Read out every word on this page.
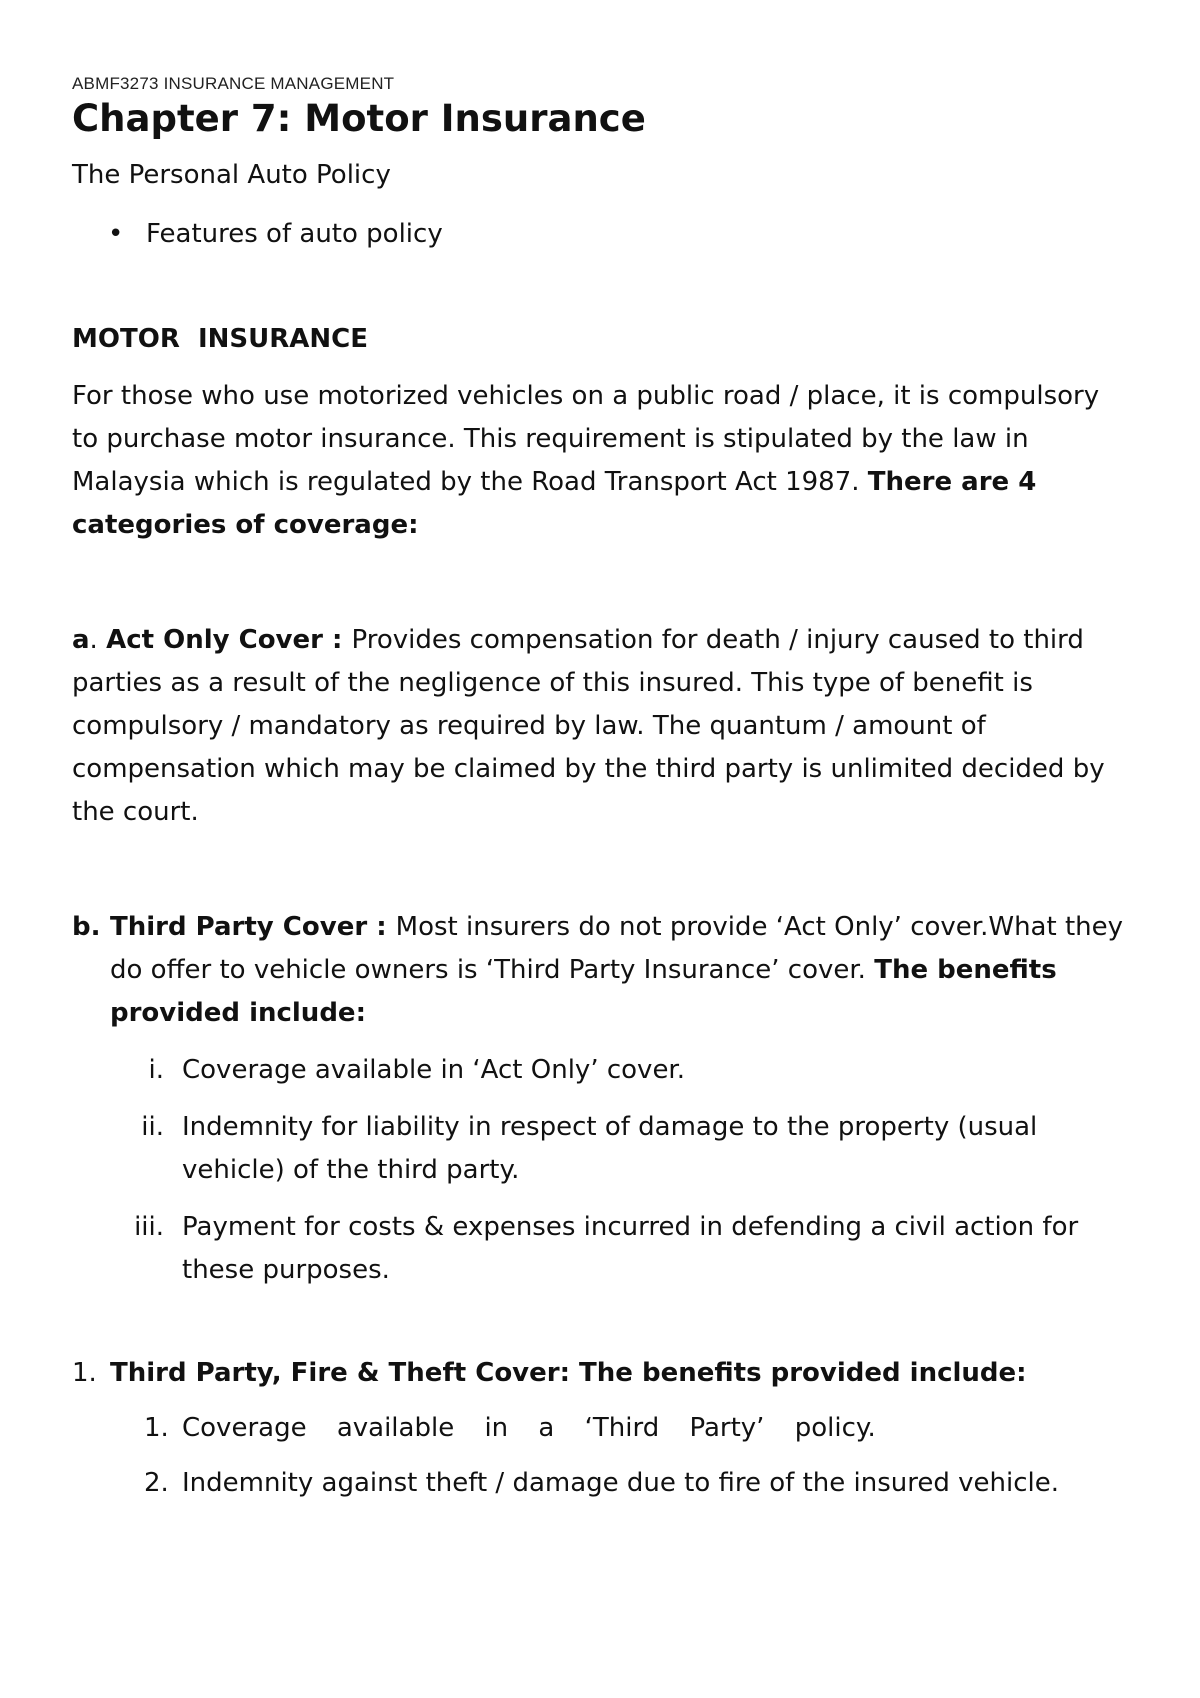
ABMF3273 INSURANCE MANAGEMENT
Chapter 7: Motor Insurance
The Personal Auto Policy
• Features of auto policy
MOTOR  INSURANCE
For those who use motorized vehicles on a public road / place, it is compulsory to purchase motor insurance. This requirement is stipulated by the law in Malaysia which is regulated by the Road Transport Act 1987. There are 4 categories of coverage:
a. Act Only Cover : Provides compensation for death / injury caused to third parties as a result of the negligence of this insured. This type of benefit is compulsory / mandatory as required by law. The quantum / amount of compensation which may be claimed by the third party is unlimited decided by the court.
b. Third Party Cover : Most insurers do not provide ‘Act Only’ cover.What they do offer to vehicle owners is ‘Third Party Insurance’ cover. The benefits provided include:
i. Coverage available in ‘Act Only’ cover.
ii. Indemnity for liability in respect of damage to the property (usual vehicle) of the third party.
iii. Payment for costs & expenses incurred in defending a civil action for these purposes.
1. Third Party, Fire & Theft Cover: The benefits provided include:
1. Coverage available in a ‘Third Party’ policy.
2. Indemnity against theft / damage due to fire of the insured vehicle.
